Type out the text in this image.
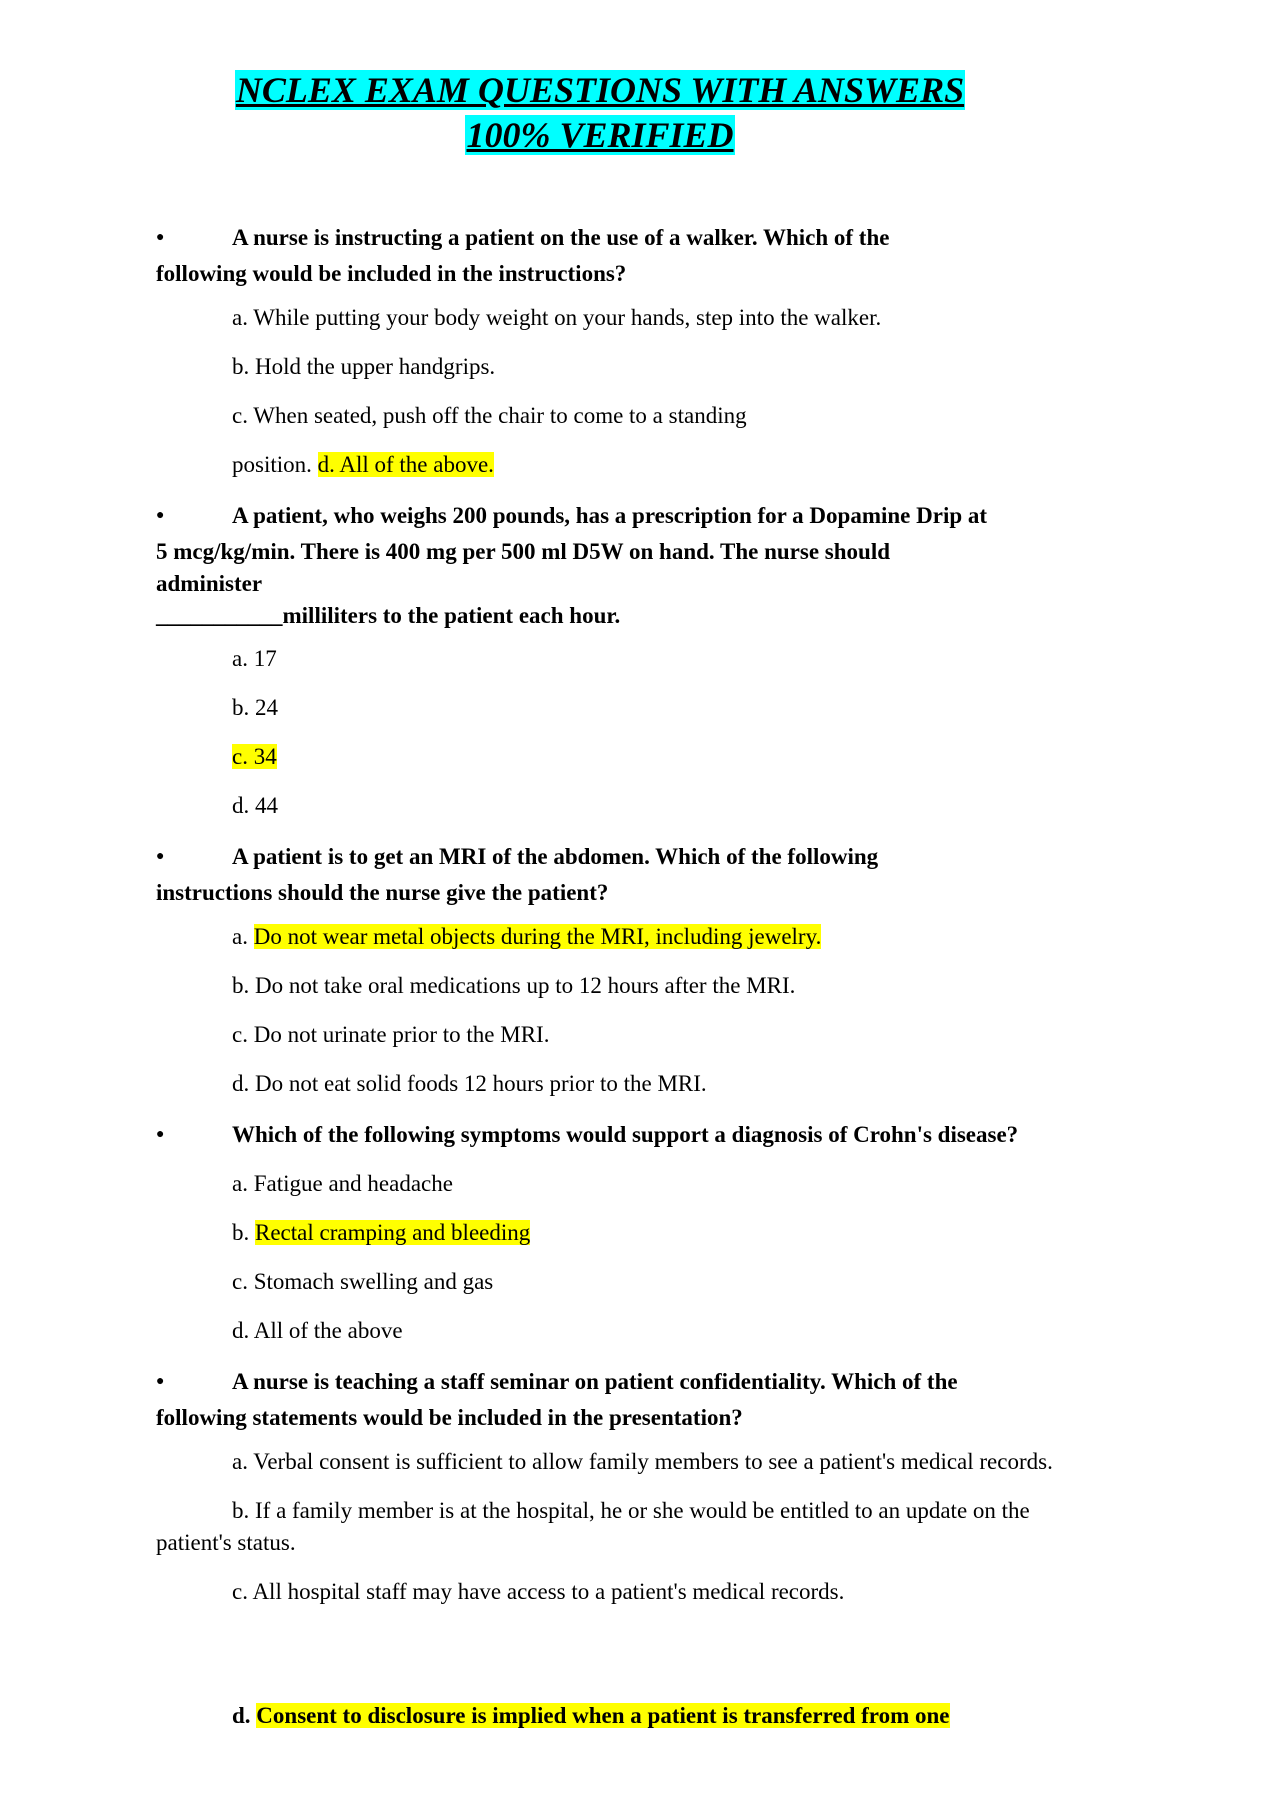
NCLEX EXAM QUESTIONS WITH ANSWERS
100% VERIFIED
●A nurse is instructing a patient on the use of a walker. Which of the
following would be included in the instructions?
a. While putting your body weight on your hands, step into the walker.
b. Hold the upper handgrips.
c. When seated, push off the chair to come to a standing
position. d. All of the above.
●A patient, who weighs 200 pounds, has a prescription for a Dopamine Drip at
5 mcg/kg/min. There is 400 mg per 500 ml D5W on hand. The nurse should
administer
___________milliliters to the patient each hour.
a. 17
b. 24
c. 34
d. 44
●A patient is to get an MRI of the abdomen. Which of the following
instructions should the nurse give the patient?
a. Do not wear metal objects during the MRI, including jewelry.
b. Do not take oral medications up to 12 hours after the MRI.
c. Do not urinate prior to the MRI.
d. Do not eat solid foods 12 hours prior to the MRI.
●Which of the following symptoms would support a diagnosis of Crohn's disease?
a. Fatigue and headache
b. Rectal cramping and bleeding
c. Stomach swelling and gas
d. All of the above
●A nurse is teaching a staff seminar on patient confidentiality. Which of the
following statements would be included in the presentation?
a. Verbal consent is sufficient to allow family members to see a patient's medical records.
b. If a family member is at the hospital, he or she would be entitled to an update on the
patient's status.
c. All hospital staff may have access to a patient's medical records.
d. Consent to disclosure is implied when a patient is transferred from one
